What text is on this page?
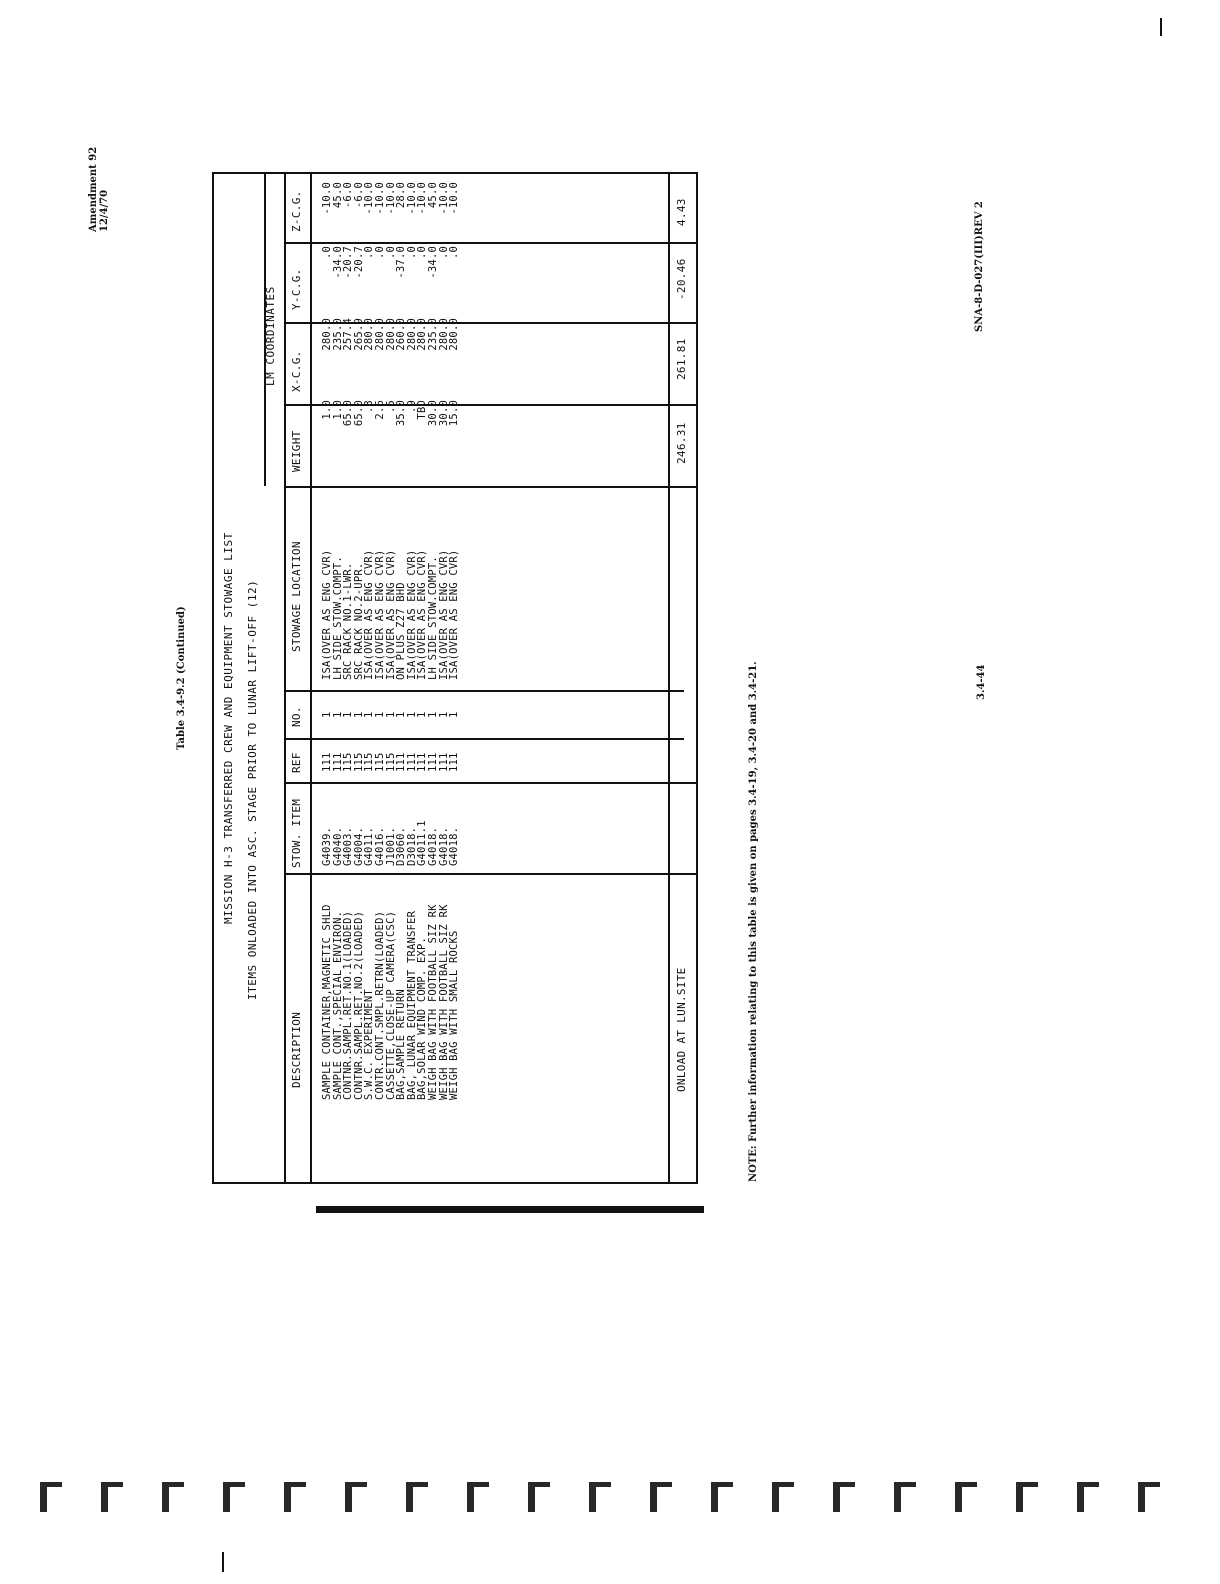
Amendment 92 12/4/70
Table 3.4-9.2 (Continued)	MISSION H-3 TRANSFERRED CREW AND EQUIPMENT STOWAGE LIST ITEMS ONLOADED INTO ASC. STAGE PRIOR TO LUNAR LIFT-OFF (12)
LM COORDINATES
DESCRIPTION
STOW. ITEM
REF
NO.
STOWAGE LOCATION
WEIGHT
X-C.G.
Y-C.G.
Z-C.G.
SAMPLE CONTAINER,MAGNETIC SHLD
SAMPLE CONT.,SPECIAL ENVIRON.
CONTNR.SAMPL.RET.NO.1(LOADED)
CONTNR.SAMPL.RET.NO.2(LOADED)
S.W.C. EXPERIMENT
CONTR.CONT.SMPL.RETRN(LOADED)
CASSETTE,CLOSE-UP CAMERA(CSC)
BAG,SAMPLE RETURN
BAG, LUNAR EQUIPMENT TRANSFER
BAG,SOLAR WIND COMP. EXP.
WEIGH BAG WITH FOOTBALL SIZ RK
WEIGH BAG WITH FOOTBALL SIZ RK
WEIGH BAG WITH SMALL ROCKS
G4039.
G4040.
G4003.
G4004.
G4011.
G4016.
J1001.
D3060.
D3018.
G4011.1
G4018.
G4018.
G4018.
111
111
115
115
115
115
115
111
111
111
111
111
111
1
1
1
1
1
1
1
1
1
1
1
1
1
ISA(OVER AS ENG CVR)
LH SIDE STOW.COMPT.
SRC RACK NO.1-LWR.
SRC RACK NO.2-UPR.
ISA(OVER AS ENG CVR)
ISA(OVER AS ENG CVR)
ISA(OVER AS ENG CVR)
ON PLUS Z27 BHD
ISA(OVER AS ENG CVR)
ISA(OVER AS ENG CVR)
LH SIDE STOW.COMPT.
ISA(OVER AS ENG CVR)
ISA(OVER AS ENG CVR)
1.0
1.0
65.0
65.0
.3
2.6
.5
35.0
.9
TBD
30.0
30.0
15.0
280.0
235.0
257.4
265.9
280.0
280.0
280.0
260.0
280.0
280.0
235.0
280.0
280.0
.0
-34.0
-20.7
-20.7
.0
.0
.0
-37.0
.0
.0
-34.0
.0
.0
-10.0
45.0
-6.0
-6.0
-10.0
-10.0
-10.0
28.0
-10.0
-10.0
45.0
-10.0
-10.0
ONLOAD AT LUN.SITE
246.31
261.81
-20.46
4.43
NOTE: Further information relating to this table is given on pages 3.4-19, 3.4-20 and 3.4-21.	3.4-44
SNA-8-D-027(III)REV 2
